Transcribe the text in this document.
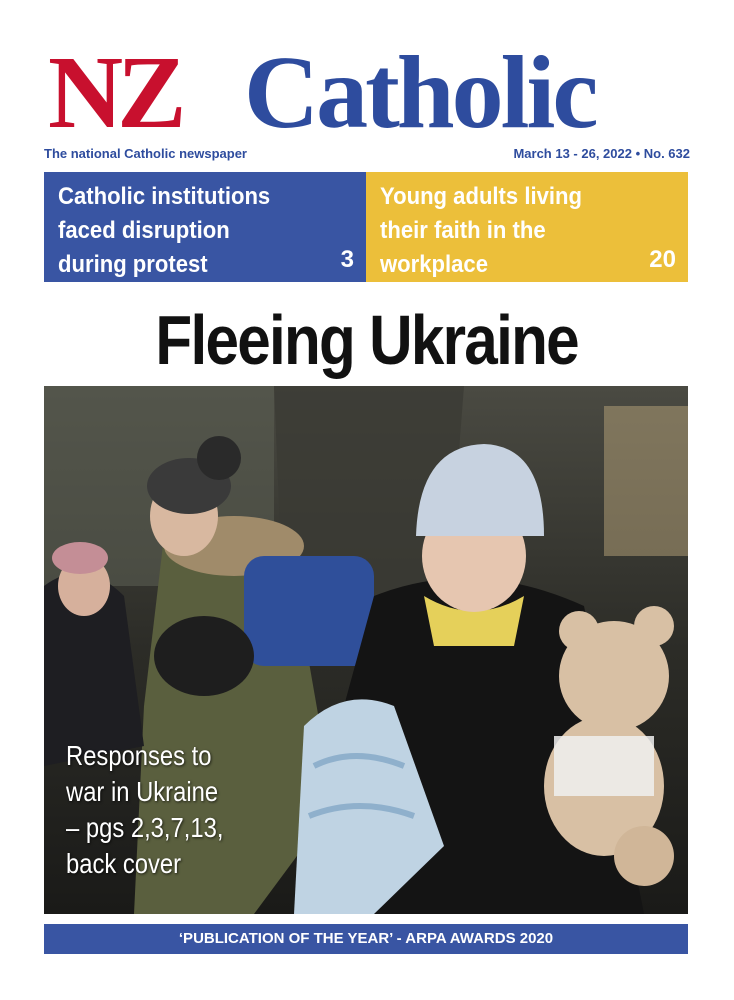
NZ Catholic
The national Catholic newspaper	March 13 - 26, 2022 • No. 632
Catholic institutions
faced disruption
during protest	3
Young adults living
their faith in the
workplace	20
Fleeing Ukraine
Responses to
war in Ukraine
– pgs 2,3,7,13,
back cover
‘PUBLICATION OF THE YEAR’ - ARPA AWARDS 2020
